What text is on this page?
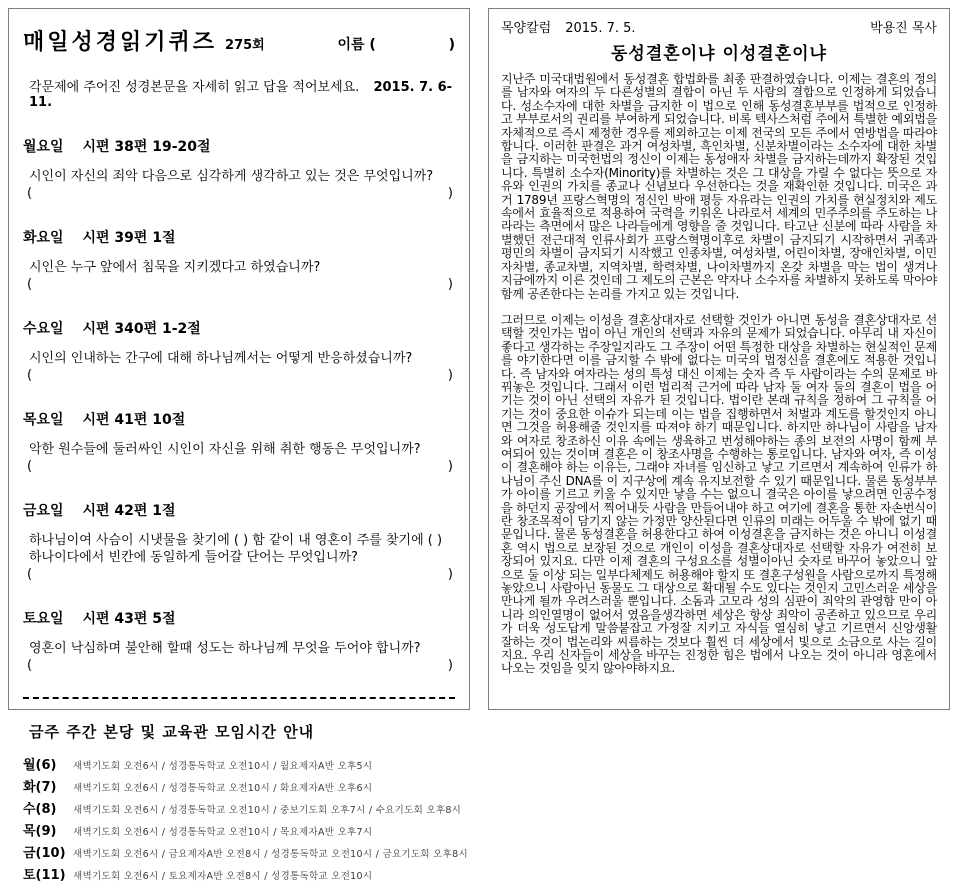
매일성경읽기퀴즈 275회	이름 (	)
각문제에 주어진 성경본문을 자세히 읽고 답을 적어보세요. 2015. 7. 6-11.
월요일 시편 38편 19-20절
시인이 자신의 죄악 다음으로 심각하게 생각하고 있는 것은 무엇입니까?
(	)
화요일 시편 39편 1절
시인은 누구 앞에서 침묵을 지키겠다고 하였습니까?
(	)
수요일 시편 340편 1-2절
시인의 인내하는 간구에 대해 하나님께서는 어떻게 반응하셨습니까?
(	)
목요일 시편 41편 10절
악한 원수들에 둘러싸인 시인이 자신을 위해 취한 행동은 무엇입니까?
(	)
금요일 시편 42편 1절
하나님이여 사슴이 시냇물을 찾기에 ( ) 함 같이 내 영혼이 주를 찾기에 ( ) 하나이다에서 빈칸에 동일하게 들어갈 단어는 무엇입니까?
(	)
토요일 시편 43편 5절
영혼이 낙심하며 불안해 할때 성도는 하나님께 무엇을 두어야 합니까?
(	)
금주 주간 본당 및 교육관 모임시간 안내
월(6)	새벽기도회 오전6시 / 성경통독학교 오전10시 / 월요제자A반 오후5시
화(7)	새벽기도회 오전6시 / 성경통독학교 오전10시 / 화요제자A반 오후6시
수(8)	새벽기도회 오전6시 / 성경통독학교 오전10시 / 중보기도회 오후7시 / 수요기도회 오후8시
목(9)	새벽기도회 오전6시 / 성경통독학교 오전10시 / 목요제자A반 오후7시
금(10) 새벽기도회 오전6시 / 금요제자A반 오전8시 / 성경통독학교 오전10시 / 금요기도회 오후8시
토(11) 새벽기도회 오전6시 / 토요제자A반 오전8시 / 성경통독학교 오전10시
목양칼럼 2015. 7. 5.	박용진 목사
동성결혼이냐 이성결혼이냐

지난주 미국대법원에서 동성결혼 합법화를 최종 판결하였습니다. 이제는 결혼의 정의를 남자와 여자의 두 다른성별의 결합이 아닌 두 사람의 결합으로 인정하게 되었습니다. 성소수자에 대한 차별을 금지한 이 법으로 인해 동성결혼부부를 법적으로 인정하고 부부로서의 권리를 부여하게 되었습니다. 비록 텍사스처럼 주에서 특별한 예외법을 자체적으로 즉시 제정한 경우를 제외하고는 이제 전국의 모든 주에서 연방법을 따라야 합니다. 이러한 판결은 과거 여성차별, 흑인차별, 신분차별이라는 소수자에 대한 차별을 금지하는 미국헌법의 정신이 이제는 동성애자 차별을 금지하는데까지 확장된 것입니다. 특별히 소수자(Minority)를 차별하는 것은 그 대상을 가릴 수 없다는 뜻으로 자유와 인권의 가치를 종교나 신념보다 우선한다는 것을 재확인한 것입니다. 미국은 과거 1789년 프랑스혁명의 정신인 박애 평등 자유라는 인권의 가치를 현실정치와 제도 속에서 효율적으로 적용하여 국력을 키워온 나라로서 세계의 민주주의를 주도하는 나라라는 측면에서 많은 나라들에게 영향을 줄 것입니다. 타고난 신분에 따라 사람을 차별했던 전근대적 인류사회가 프랑스혁명이후로 차별이 금지되기 시작하면서 귀족과 평민의 차별이 금지되기 시작했고 인종차별, 여성차별, 어린이차별, 장애인차별, 이민자차별, 종교차별, 지역차별, 학력차별, 나이차별까지 온갖 차별을 막는 법이 생겨나 지금에까지 이른 것인데 그 제도의 근본은 약자나 소수자를 차별하지 못하도록 막아야 함께 공존한다는 논리를 가지고 있는 것입니다.

그러므로 이제는 이성을 결혼상대자로 선택할 것인가 아니면 동성을 결혼상대자로 선택할 것인가는 법이 아닌 개인의 선택과 자유의 문제가 되었습니다. 아무리 내 자신이 좋다고 생각하는 주장일지라도 그 주장이 어떤 특정한 대상을 차별하는 현실적인 문제를 야기한다면 이를 금지할 수 밖에 없다는 미국의 법정신을 결혼에도 적용한 것입니다. 즉 남자와 여자라는 성의 특성 대신 이제는 숫자 즉 두 사람이라는 수의 문제로 바꿔놓은 것입니다. 그래서 이런 법리적 근거에 따라 남자 둘 여자 둘의 결혼이 법을 어기는 것이 아닌 선택의 자유가 된 것입니다. 법이란 본래 규칙을 정하여 그 규칙을 어기는 것이 중요한 이슈가 되는데 이는 법을 집행하면서 처벌과 계도를 할것인지 아니면 그것을 허용해줄 것인지를 따져야 하기 때문입니다. 하지만 하나님이 사람을 남자와 여자로 창조하신 이유 속에는 생육하고 번성해야하는 종의 보전의 사명이 함께 부여되어 있는 것이며 결혼은 이 창조사명을 수행하는 통로입니다. 남자와 여자, 즉 이성이 결혼해야 하는 이유는, 그래야 자녀를 임신하고 낳고 기르면서 계속하여 인류가 하나님이 주신 DNA를 이 지구상에 계속 유지보전할 수 있기 때문입니다. 물론 동성부부가 아이를 기르고 키울 수 있지만 낳을 수는 없으니 결국은 아이를 낳으려면 인공수정을 하던지 공장에서 찍어내듯 사람을 만들어내야 하고 여기에 결혼을 통한 자손번식이란 창조목적이 담기지 않는 가정만 양산된다면 인류의 미래는 어두울 수 밖에 없기 때문입니다. 물론 동성결혼을 허용한다고 하여 이성결혼을 금지하는 것은 아니니 이성결혼 역시 법으로 보장된 것으로 개인이 이성을 결혼상대자로 선택할 자유가 여전히 보장되어 있지요. 다만 이제 결혼의 구성요소를 성별이아닌 숫자로 바꾸어 놓았으니 앞으로 둘 이상 되는 일부다체제도 허용해야 할지 또 결혼구성원을 사람으로까지 특정해 놓았으니 사람아닌 동물도 그 대상으로 확대될 수도 있다는 것인지 고민스러운 세상을 만나게 될까 우려스러울 뿐입니다. 소돔과 고모라 성의 심판이 죄악의 관영함 만이 아니라 의인열명이 없어서 였음을생각하면 세상은 항상 죄악이 공존하고 있으므로 우리가 더욱 성도답게 말씀붙잡고 가정잘 지키고 자식들 열심히 낳고 기르면서 신앙생활 잘하는 것이 법논리와 씨름하는 것보다 훨씬 더 세상에서 빛으로 소금으로 사는 길이지요. 우리 신자들이 세상을 바꾸는 진정한 힘은 법에서 나오는 것이 아니라 영혼에서 나오는 것임을 잊지 않아야하지요.
